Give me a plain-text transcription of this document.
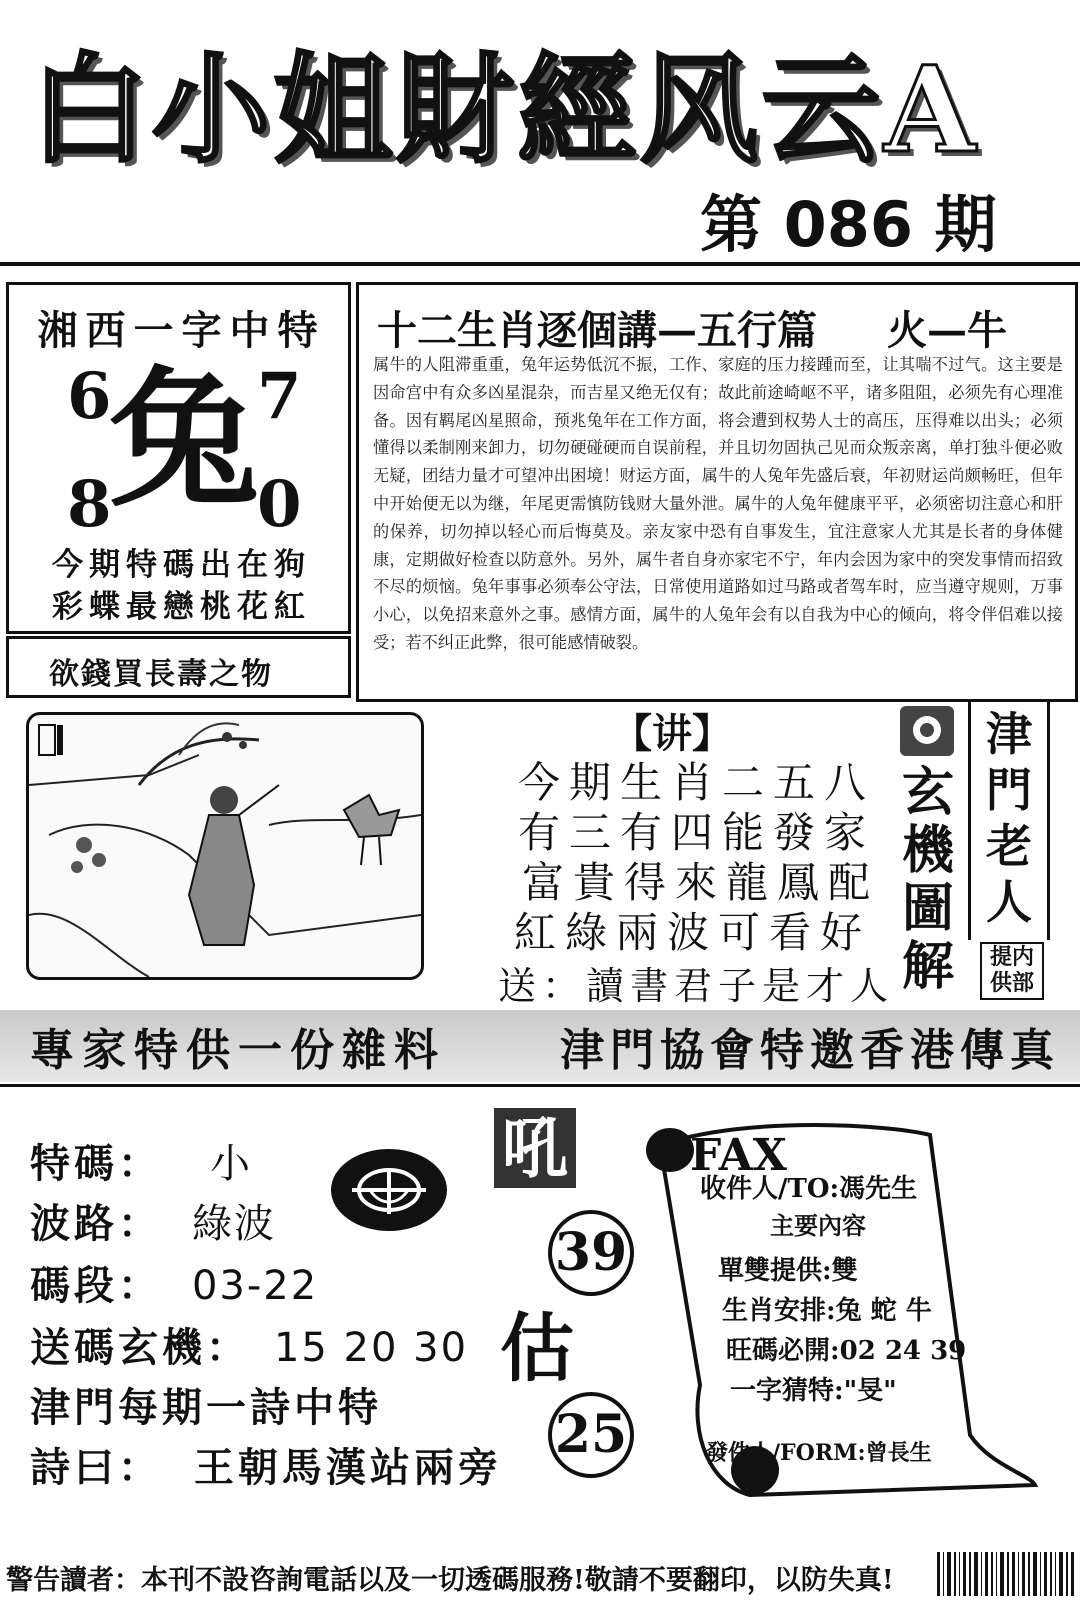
白小姐財經风云A
第 086 期
湘西一字中特
6 7
8 0
兔
今期特碼出在狗
彩蝶最戀桃花紅
欲錢買長壽之物
十二生肖逐個講—五行篇 火—牛
属牛的人阻滞重重，兔年运势低沉不振，工作、家庭的压力接踵而至，让其喘不过气。这主要是因命宫中有众多凶星混杂，而吉星又绝无仅有；故此前途崎岖不平，诸多阻阻，必须先有心理准备。因有羁尾凶星照命，预兆兔年在工作方面，将会遭到权势人士的高压，压得难以出头；必须懂得以柔制刚来卸力，切勿硬碰硬而自误前程，并且切勿固执己见而众叛亲离，单打独斗便必败无疑，团结力量才可望冲出困境！财运方面，属牛的人兔年先盛后衰，年初财运尚颇畅旺，但年中开始便无以为继，年尾更需慎防钱财大量外泄。属牛的人兔年健康平平，必须密切注意心和肝的保养，切勿掉以轻心而后悔莫及。亲友家中恐有自事发生，宜注意家人尤其是长者的身体健康，定期做好检查以防意外。另外，属牛者自身亦家宅不宁，年内会因为家中的突发事情而招致不尽的烦恼。兔年事事必须奉公守法，日常使用道路如过马路或者驾车时，应当遵守规则，万事小心，以免招来意外之事。感情方面，属牛的人兔年会有以自我为中心的倾向，将令伴侣难以接受；若不纠正此弊，很可能感情破裂。
【讲】
今期生肖二五八
有三有四能發家
富貴得來龍鳳配
紅綠兩波可看好
送：讀書君子是才人
玄
機
圖
解
津
門
老
人
提内供部
專家特供一份雜料	津門協會特邀香港傳真
特碼： 小
波路： 綠波
碼段： 03-22
送碼玄機： 15 20 30
津門每期一詩中特
詩曰： 王朝馬漢站兩旁
吼
39
估
25
FAX
收件人/TO:馮先生
主要內容
單雙提供:雙
生肖安排:兔 蛇 牛
旺碼必開:02 24 39
一字猜特:"旻"
發件人/FORM:曾長生
警告讀者：本刊不設咨詢電話以及一切透碼服務!敬請不要翻印，以防失真!
